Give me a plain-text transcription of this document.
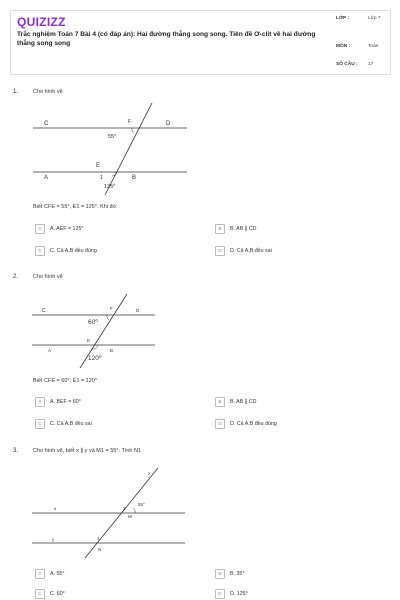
QUIZIZZ
Trắc nghiệm Toán 7 Bài 4 (có đáp án): Hai đường thẳng song song. Tiên đề Ơ-clit về hai đường thẳng song song
LỚP :	Lớp 7
MÔN :	Toán
SỐ CÂU : 17
1.	Cho hình vẽ
C	F	D
55°
E
A	1	B
125°
Biết CFE = 55°, E1 = 125°. Khi đó:
A	A. AEF = 125°	B	B. AB ∥ CD
C	C. Cả A,B đều đúng	D	D. Cả A,B đều sai
2.	Cho hình vẽ
C	F	D
60⁰
E
A	B
120⁰
Biết CFE = 60°; E1 = 120°
A	A. BEF = 60°	B	B. AB ∥ CD
C	C. Cả A,B đều sai	D	D. Cả A,B đều đúng
3.	Cho hình vẽ, biết x ∥ y và M1 = 55°. Tính N1
z
x	2
55°
M
y	1
N
A	A. 55°	B	B. 35°
C	C. 60°	D	D. 125°
